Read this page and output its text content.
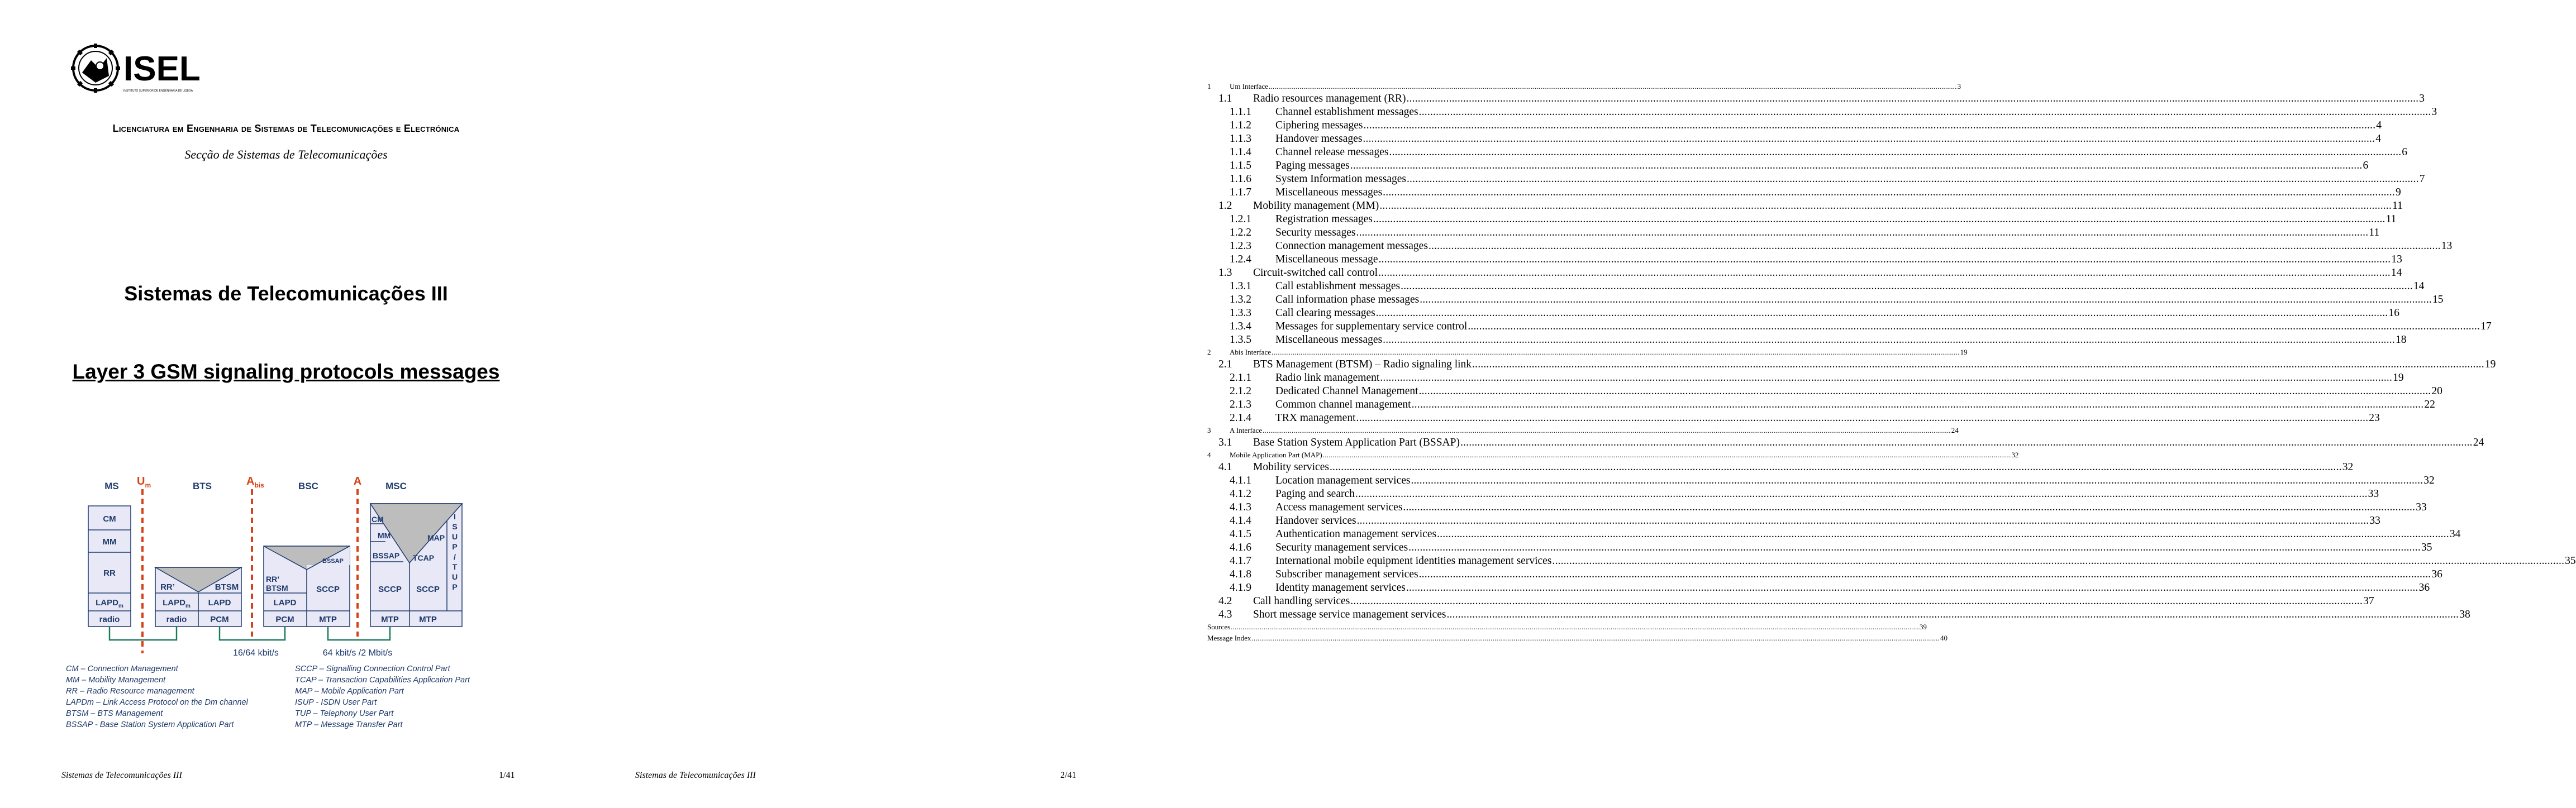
ISEL
INSTITUTO SUPERIOR DE ENGENHARIA DE LISBOA
Licenciatura em Engenharia de Sistemas de Telecomunicações e Electrónica
Secção de Sistemas de Telecomunicações
Sistemas de Telecomunicações III
Layer 3 GSM signaling protocols messages
MS	BTS	BSC	MSC
$U_m$	$A_{bis}$	A
CM
MM
RR
$LAPD_m$
radio
RR’	BTSM
$LAPD_m$ LAPD
radio	PCM
SCCP
LAPD
PCM	MTP
SCCP SCCP
MTP MTP
RR’
BTSM
BSSAP
CM
MM	MAP
BSSAP TCAP
I
S
U
P
/
T
U
P
16/64 kbit/s	64 kbit/s /2 Mbit/s
CM – Connection Management
MM – Mobility Management
RR – Radio Resource management
LAPDm – Link Access Protocol on the Dm channel
BTSM – BTS Management
BSSAP - Base Station System Application Part
SCCP – Signalling Connection Control Part
TCAP – Transaction Capabilities Application Part
MAP – Mobile Application Part
ISUP - ISDN User Part
TUP – Telephony User Part
MTP – Message Transfer Part
Sistemas de Telecomunicações III	1/41
1	Um Interface .....	3
1.1	Radio resources management (RR) .....	3
1.1.1	Channel establishment messages .....	3
1.1.2	Ciphering messages .....	4
1.1.3	Handover messages .....	4
1.1.4	Channel release messages .....	6
1.1.5	Paging messages .....	6
1.1.6	System Information messages .....	7
1.1.7	Miscellaneous messages .....	9
1.2	Mobility management (MM) .....	11
1.2.1	Registration messages .....	11
1.2.2	Security messages .....	11
1.2.3	Connection management messages .....	13
1.2.4	Miscellaneous message .....	13
1.3	Circuit-switched call control .....	14
1.3.1	Call establishment messages .....	14
1.3.2	Call information phase messages .....	15
1.3.3	Call clearing messages .....	16
1.3.4	Messages for supplementary service control .....	17
1.3.5	Miscellaneous messages .....	18
2	Abis Interface .....	19
2.1	BTS Management (BTSM) – Radio signaling link .....	19
2.1.1	Radio link management .....	19
2.1.2	Dedicated Channel Management .....	20
2.1.3	Common channel management .....	22
2.1.4	TRX management .....	23
3	A Interface .....	24
3.1	Base Station System Application Part (BSSAP) .....	24
4	Mobile Application Part (MAP) .....	32
4.1	Mobility services .....	32
4.1.1	Location management services .....	32
4.1.2	Paging and search .....	33
4.1.3	Access management services .....	33
4.1.4	Handover services .....	33
4.1.5	Authentication management services .....	34
4.1.6	Security management services .....	35
4.1.7	International mobile equipment identities management services .....	35
4.1.8	Subscriber management services .....	36
4.1.9	Identity management services .....	36
4.2	Call handling services .....	37
4.3	Short message service management services .....	38
Sources .....	39
Message Index .....	40
Sistemas de Telecomunicações III	2/41
